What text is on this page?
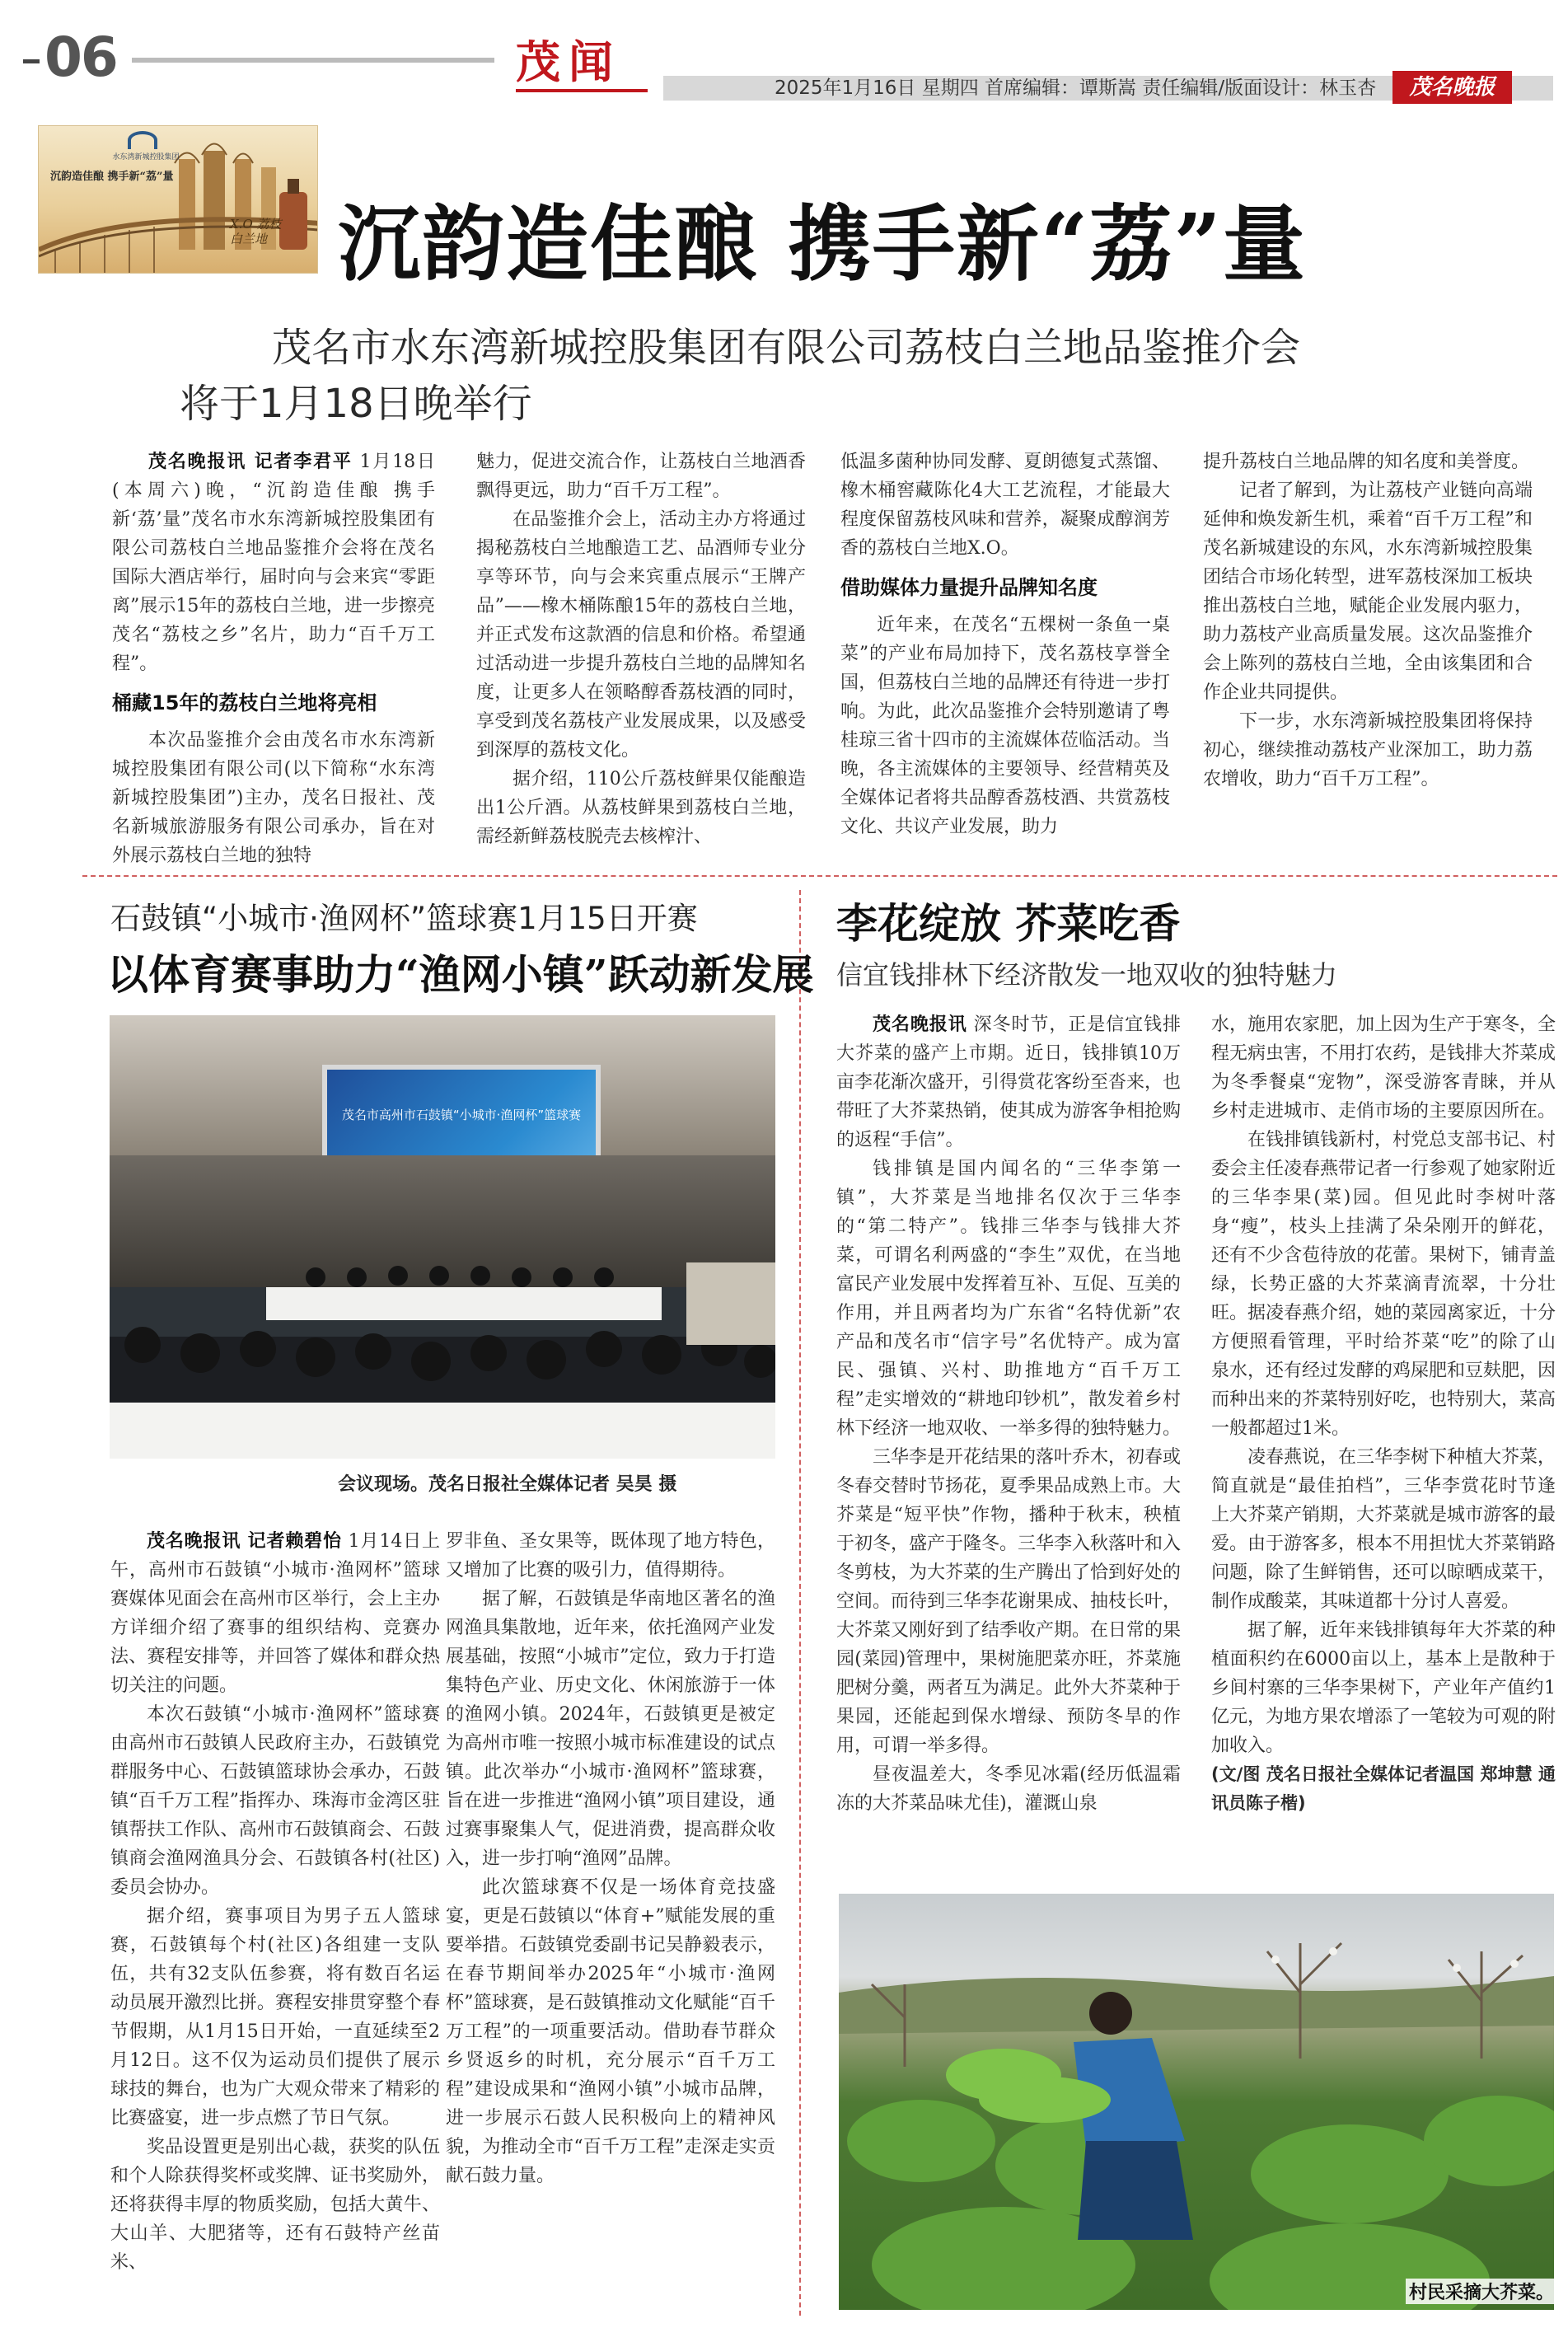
06	茂闻	2025年1月16日 星期四 首席编辑：谭斯嵩 责任编辑/版面设计：林玉杏	茂名晚报
水东湾新城控股集团
沉韵造佳酿 携手新“荔”量
X.O 荔枝白兰地 沉韵造佳酿 携手新“荔”量
茂名市水东湾新城控股集团有限公司荔枝白兰地品鉴推介会
将于1月18日晚举行

茂名晚报讯 记者李君平 1月18日(本周六)晚，“沉韵造佳酿 携手新‘荔’量”茂名市水东湾新城控股集团有限公司荔枝白兰地品鉴推介会将在茂名国际大酒店举行，届时向与会来宾“零距离”展示15年的荔枝白兰地，进一步擦亮茂名“荔枝之乡”名片，助力“百千万工程”。

桶藏15年的荔枝白兰地将亮相

本次品鉴推介会由茂名市水东湾新城控股集团有限公司(以下简称“水东湾新城控股集团”)主办，茂名日报社、茂名新城旅游服务有限公司承办，旨在对外展示荔枝白兰地的独特

魅力，促进交流合作，让荔枝白兰地酒香飘得更远，助力“百千万工程”。

在品鉴推介会上，活动主办方将通过揭秘荔枝白兰地酿造工艺、品酒师专业分享等环节，向与会来宾重点展示“王牌产品”——橡木桶陈酿15年的荔枝白兰地，并正式发布这款酒的信息和价格。希望通过活动进一步提升荔枝白兰地的品牌知名度，让更多人在领略醇香荔枝酒的同时，享受到茂名荔枝产业发展成果，以及感受到深厚的荔枝文化。

据介绍，110公斤荔枝鲜果仅能酿造出1公斤酒。从荔枝鲜果到荔枝白兰地，需经新鲜荔枝脱壳去核榨汁、

低温多菌种协同发酵、夏朗德复式蒸馏、橡木桶窖藏陈化4大工艺流程，才能最大程度保留荔枝风味和营养，凝聚成醇润芳香的荔枝白兰地X.O。

借助媒体力量提升品牌知名度

近年来，在茂名“五棵树一条鱼一桌菜”的产业布局加持下，茂名荔枝享誉全国，但荔枝白兰地的品牌还有待进一步打响。为此，此次品鉴推介会特别邀请了粤桂琼三省十四市的主流媒体莅临活动。当晚，各主流媒体的主要领导、经营精英及全媒体记者将共品醇香荔枝酒、共赏荔枝文化、共议产业发展，助力

提升荔枝白兰地品牌的知名度和美誉度。

记者了解到，为让荔枝产业链向高端延伸和焕发新生机，乘着“百千万工程”和茂名新城建设的东风，水东湾新城控股集团结合市场化转型，进军荔枝深加工板块推出荔枝白兰地，赋能企业发展内驱力，助力荔枝产业高质量发展。这次品鉴推介会上陈列的荔枝白兰地，全由该集团和合作企业共同提供。

下一步，水东湾新城控股集团将保持初心，继续推动荔枝产业深加工，助力荔农增收，助力“百千万工程”。

石鼓镇“小城市·渔网杯”篮球赛1月15日开赛
以体育赛事助力“渔网小镇”跃动新发展
茂名市高州市石鼓镇“小城市·渔网杯”篮球赛
会议现场。茂名日报社全媒体记者 吴昊 摄

茂名晚报讯 记者赖碧怡 1月14日上午，高州市石鼓镇“小城市·渔网杯”篮球赛媒体见面会在高州市区举行，会上主办方详细介绍了赛事的组织结构、竞赛办法、赛程安排等，并回答了媒体和群众热切关注的问题。

本次石鼓镇“小城市·渔网杯”篮球赛由高州市石鼓镇人民政府主办，石鼓镇党群服务中心、石鼓镇篮球协会承办，石鼓镇“百千万工程”指挥办、珠海市金湾区驻镇帮扶工作队、高州市石鼓镇商会、石鼓镇商会渔网渔具分会、石鼓镇各村(社区)委员会协办。

据介绍，赛事项目为男子五人篮球赛，石鼓镇每个村(社区)各组建一支队伍，共有32支队伍参赛，将有数百名运动员展开激烈比拼。赛程安排贯穿整个春节假期，从1月15日开始，一直延续至2月12日。这不仅为运动员们提供了展示球技的舞台，也为广大观众带来了精彩的比赛盛宴，进一步点燃了节日气氛。

奖品设置更是别出心裁，获奖的队伍和个人除获得奖杯或奖牌、证书奖励外，还将获得丰厚的物质奖励，包括大黄牛、大山羊、大肥猪等，还有石鼓特产丝苗米、

罗非鱼、圣女果等，既体现了地方特色，又增加了比赛的吸引力，值得期待。

据了解，石鼓镇是华南地区著名的渔网渔具集散地，近年来，依托渔网产业发展基础，按照“小城市”定位，致力于打造集特色产业、历史文化、休闲旅游于一体的渔网小镇。2024年，石鼓镇更是被定为高州市唯一按照小城市标准建设的试点镇。此次举办“小城市·渔网杯”篮球赛，旨在进一步推进“渔网小镇”项目建设，通过赛事聚集人气，促进消费，提高群众收入，进一步打响“渔网”品牌。

此次篮球赛不仅是一场体育竞技盛宴，更是石鼓镇以“体育+”赋能发展的重要举措。石鼓镇党委副书记吴静毅表示，在春节期间举办2025年“小城市·渔网杯”篮球赛，是石鼓镇推动文化赋能“百千万工程”的一项重要活动。借助春节群众乡贤返乡的时机，充分展示“百千万工程”建设成果和“渔网小镇”小城市品牌，进一步展示石鼓人民积极向上的精神风貌，为推动全市“百千万工程”走深走实贡献石鼓力量。

李花绽放 芥菜吃香
信宜钱排林下经济散发一地双收的独特魅力

茂名晚报讯 深冬时节，正是信宜钱排大芥菜的盛产上市期。近日，钱排镇10万亩李花渐次盛开，引得赏花客纷至沓来，也带旺了大芥菜热销，使其成为游客争相抢购的返程“手信”。

钱排镇是国内闻名的“三华李第一镇”，大芥菜是当地排名仅次于三华李的“第二特产”。钱排三华李与钱排大芥菜，可谓名利两盛的“李生”双优，在当地富民产业发展中发挥着互补、互促、互美的作用，并且两者均为广东省“名特优新”农产品和茂名市“信字号”名优特产。成为富民、强镇、兴村、助推地方“百千万工程”走实增效的“耕地印钞机”，散发着乡村林下经济一地双收、一举多得的独特魅力。

三华李是开花结果的落叶乔木，初春或冬春交替时节扬花，夏季果品成熟上市。大芥菜是“短平快”作物，播种于秋末，秧植于初冬，盛产于隆冬。三华李入秋落叶和入冬剪枝，为大芥菜的生产腾出了恰到好处的空间。而待到三华李花谢果成、抽枝长叶，大芥菜又刚好到了结季收产期。在日常的果园(菜园)管理中，果树施肥菜亦旺，芥菜施肥树分羹，两者互为满足。此外大芥菜种于果园，还能起到保水增绿、预防冬旱的作用，可谓一举多得。

昼夜温差大，冬季见冰霜(经历低温霜冻的大芥菜品味尤佳)，灌溉山泉

水，施用农家肥，加上因为生产于寒冬，全程无病虫害，不用打农药，是钱排大芥菜成为冬季餐桌“宠物”，深受游客青睐，并从乡村走进城市、走俏市场的主要原因所在。

在钱排镇钱新村，村党总支部书记、村委会主任凌春燕带记者一行参观了她家附近的三华李果(菜)园。但见此时李树叶落身“瘦”，枝头上挂满了朵朵刚开的鲜花，还有不少含苞待放的花蕾。果树下，铺青盖绿，长势正盛的大芥菜滴青流翠，十分壮旺。据凌春燕介绍，她的菜园离家近，十分方便照看管理，平时给芥菜“吃”的除了山泉水，还有经过发酵的鸡屎肥和豆麸肥，因而种出来的芥菜特别好吃，也特别大，菜高一般都超过1米。

凌春燕说，在三华李树下种植大芥菜，简直就是“最佳拍档”，三华李赏花时节逢上大芥菜产销期，大芥菜就是城市游客的最爱。由于游客多，根本不用担忧大芥菜销路问题，除了生鲜销售，还可以晾晒成菜干，制作成酸菜，其味道都十分讨人喜爱。

据了解，近年来钱排镇每年大芥菜的种植面积约在6000亩以上，基本上是散种于乡间村寨的三华李果树下，产业年产值约1亿元，为地方果农增添了一笔较为可观的附加收入。

(文/图 茂名日报社全媒体记者温国 郑坤慧 通讯员陈子楷)

村民采摘大芥菜。
